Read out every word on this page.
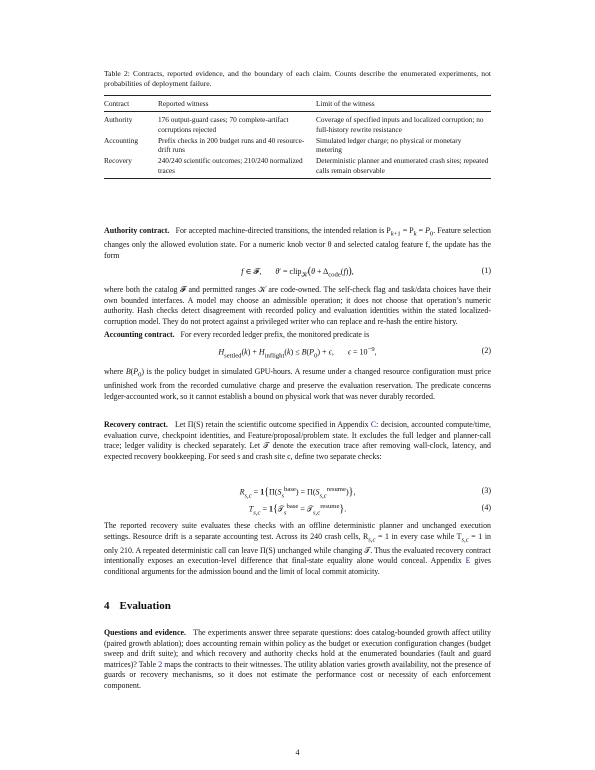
Table 2: Contracts, reported evidence, and the boundary of each claim. Counts describe the enumerated experiments, not probabilities of deployment failure.

Contract	Reported witness	Limit of the witness
Authority	176 output-guard cases; 70 complete-artifact corruptions rejected	Coverage of specified inputs and localized corruption; no full-history rewrite resistance
Accounting	Prefix checks in 200 budget runs and 40 resource-drift runs	Simulated ledger charge; no physical or monetary metering
Recovery	240/240 scientific outcomes; 210/240 normalized traces	Deterministic planner and enumerated crash sites; repeated calls remain observable

Authority contract. For accepted machine-directed transitions, the intended relation is $P_{k+1} = P_k = P_0$. Feature selection changes only the allowed evolution state. For a numeric knob vector θ and selected catalog feature f, the update has the form

f ∈ 𝓕,       θ′ = clip$_𝒦$(θ + $\Delta_{code}(f)$),	(1)

where both the catalog 𝓕 and permitted ranges 𝒦 are code-owned. The self-check flag and task/data choices have their own bounded interfaces. A model may choose an admissible operation; it does not choose that operation’s numeric authority. Hash checks detect disagreement with recorded policy and evaluation identities within the stated localized-corruption model. They do not protect against a privileged writer who can replace and re-hash the entire history.

Accounting contract. For every recorded ledger prefix, the monitored predicate is

$H_{settled}(k) + H_{inflight}(k) \le B(P_0) + \epsilon$,       $\epsilon = 10^{-9}$,	(2)

where $B(P_0)$ is the policy budget in simulated GPU-hours. A resume under a changed resource configuration must price unfinished work from the recorded cumulative charge and preserve the evaluation reservation. The predicate concerns ledger-accounted work, so it cannot establish a bound on physical work that was never durably recorded.

Recovery contract. Let Π(S) retain the scientific outcome specified in Appendix C: decision, accounted compute/time, evaluation curve, checkpoint identities, and Feature/proposal/problem state. It excludes the full ledger and planner-call trace; ledger validity is checked separately. Let 𝒯 denote the execution trace after removing wall-clock, latency, and expected recovery bookkeeping. For seed s and crash site c, define two separate checks:

$R_{s,c} = 1\{\Pi(S_s^{base}) = \Pi(S_{s,c}^{resume})\}$,	(3)
$T_{s,c}$ = 1{𝒯$_s^{base}$ = 𝒯$_{s,c}^{resume}$}.	(4)

The reported recovery suite evaluates these checks with an offline deterministic planner and unchanged execution settings. Resource drift is a separate accounting test. Across its 240 crash cells, $R_{s,c} = 1$ in every case while $T_{s,c} = 1$ in only 210. A repeated deterministic call can leave Π(S) unchanged while changing 𝒯. Thus the evaluated recovery contract intentionally exposes an execution-level difference that final-state equality alone would conceal. Appendix E gives conditional arguments for the admission bound and the limit of local commit atomicity.

4 Evaluation

Questions and evidence. The experiments answer three separate questions: does catalog-bounded growth affect utility (paired growth ablation); does accounting remain within policy as the budget or execution configuration changes (budget sweep and drift suite); and which recovery and authority checks hold at the enumerated boundaries (fault and guard matrices)? Table 2 maps the contracts to their witnesses. The utility ablation varies growth availability, not the presence of guards or recovery mechanisms, so it does not estimate the performance cost or necessity of each enforcement component.

4
